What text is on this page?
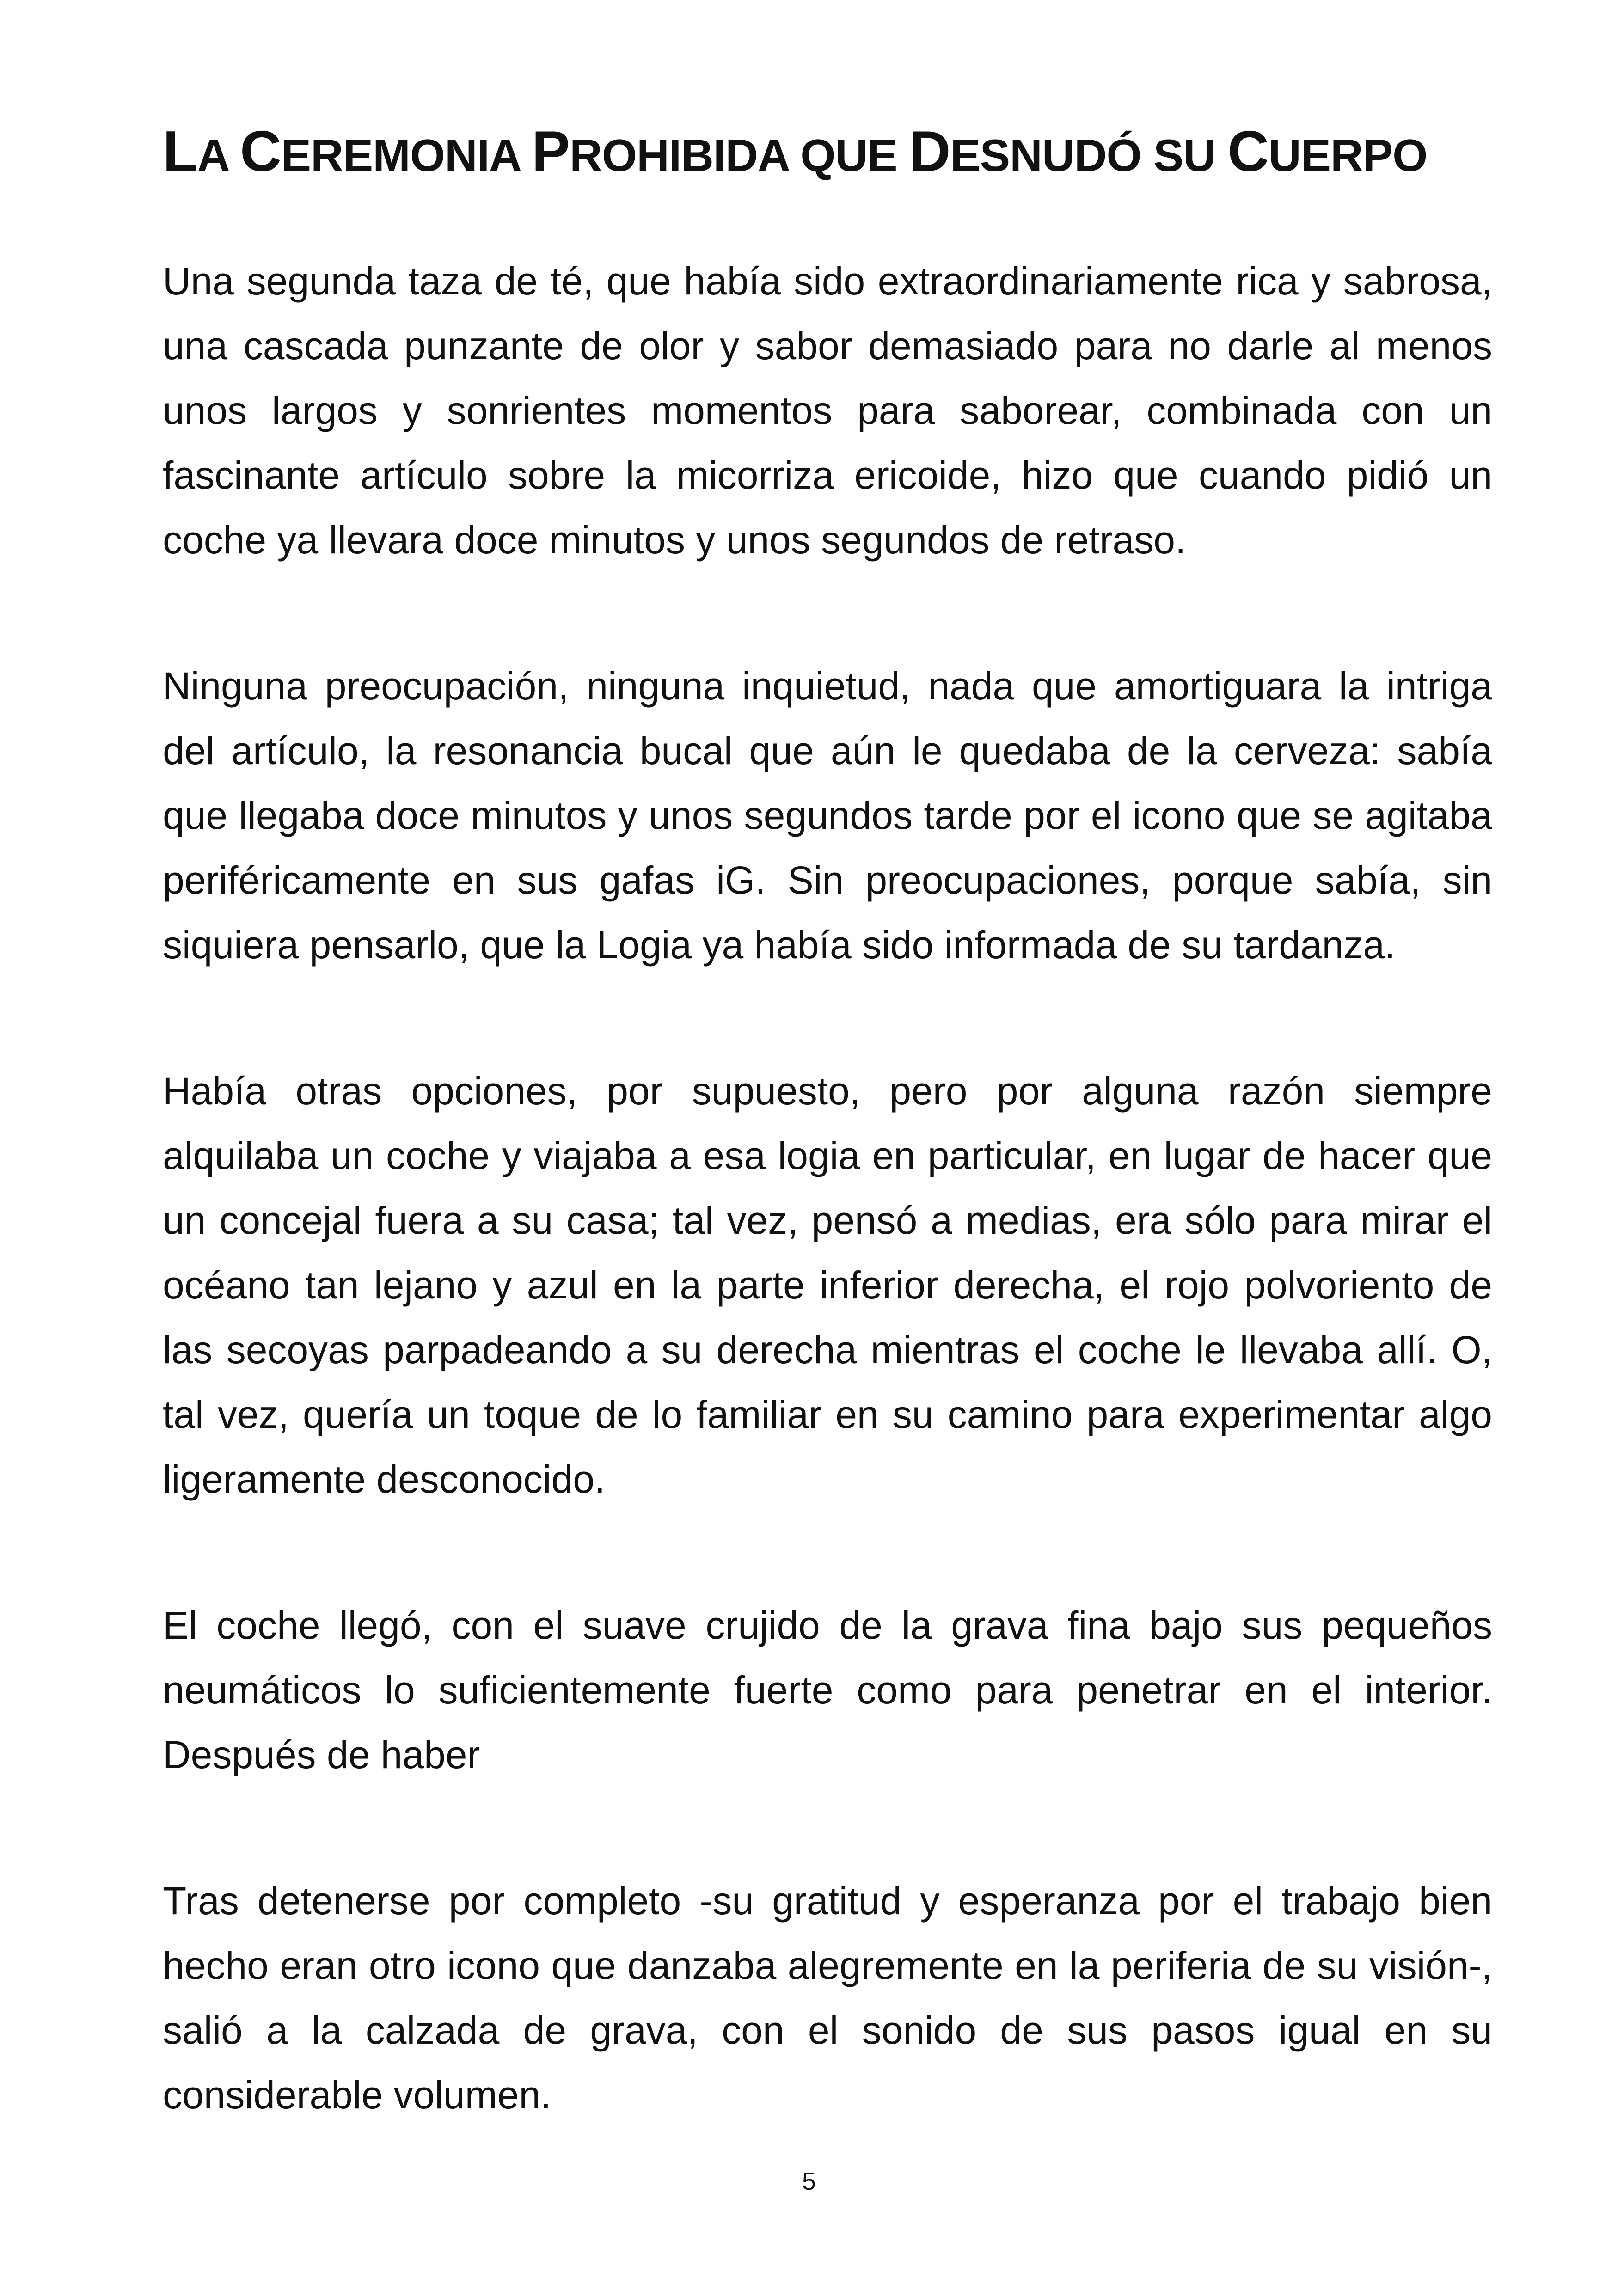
LA CEREMONIA PROHIBIDA QUE DESNUDÓ SU CUERPO

Una segunda taza de té, que había sido extraordinariamente rica y sabrosa, una cascada punzante de olor y sabor demasiado para no darle al menos unos largos y sonrientes momentos para saborear, combinada con un fascinante artículo sobre la micorriza ericoide, hizo que cuando pidió un coche ya llevara doce minutos y unos segundos de retraso.

Ninguna preocupación, ninguna inquietud, nada que amortiguara la intriga del artículo, la resonancia bucal que aún le quedaba de la cerveza: sabía que llegaba doce minutos y unos segundos tarde por el icono que se agitaba periféricamente en sus gafas iG. Sin preocupaciones, porque sabía, sin siquiera pensarlo, que la Logia ya había sido informada de su tardanza.

Había otras opciones, por supuesto, pero por alguna razón siempre alquilaba un coche y viajaba a esa logia en particular, en lugar de hacer que un concejal fuera a su casa; tal vez, pensó a medias, era sólo para mirar el océano tan lejano y azul en la parte inferior derecha, el rojo polvoriento de las secoyas parpadeando a su derecha mientras el coche le llevaba allí. O, tal vez, quería un toque de lo familiar en su camino para experimentar algo ligeramente desconocido.

El coche llegó, con el suave crujido de la grava fina bajo sus pequeños neumáticos lo suficientemente fuerte como para penetrar en el interior. Después de haber

Tras detenerse por completo -su gratitud y esperanza por el trabajo bien hecho eran otro icono que danzaba alegremente en la periferia de su visión-, salió a la calzada de grava, con el sonido de sus pasos igual en su considerable volumen.

5
